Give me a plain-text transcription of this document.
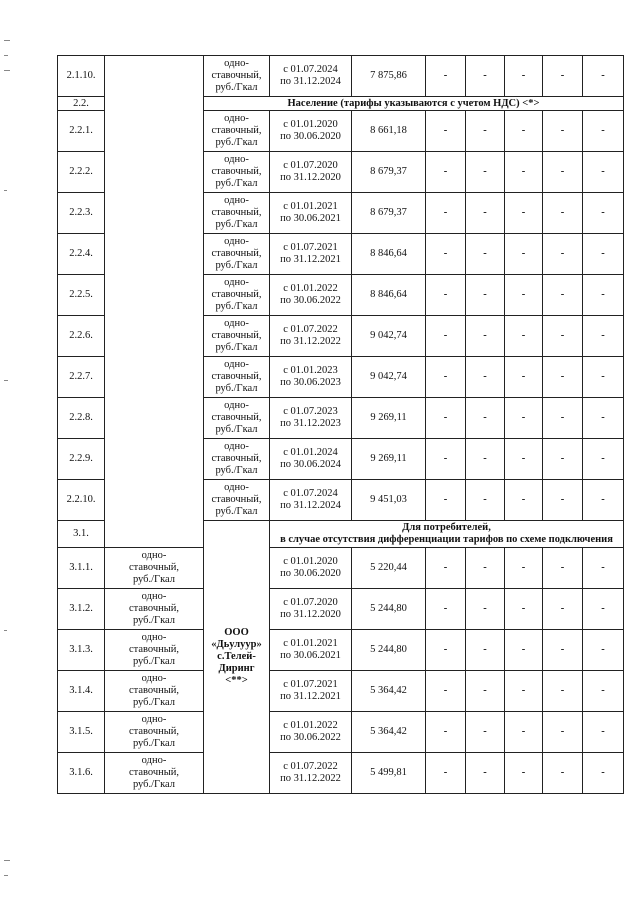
2.1.10.		одно-
ставочный,
руб./Гкал	с 01.07.2024
по 31.12.2024	7 875,86	-	-	-	-	-
2.2.		Население (тарифы указываются с учетом НДС) <*>							
2.2.1.		одно-
ставочный,
руб./Гкал	с 01.01.2020
по 30.06.2020	8 661,18	-	-	-	-	-
2.2.2.		одно-
ставочный,
руб./Гкал	с 01.07.2020
по 31.12.2020	8 679,37	-	-	-	-	-
2.2.3.		одно-
ставочный,
руб./Гкал	с 01.01.2021
по 30.06.2021	8 679,37	-	-	-	-	-
2.2.4.		одно-
ставочный,
руб./Гкал	с 01.07.2021
по 31.12.2021	8 846,64	-	-	-	-	-
2.2.5.		одно-
ставочный,
руб./Гкал	с 01.01.2022
по 30.06.2022	8 846,64	-	-	-	-	-
2.2.6.		одно-
ставочный,
руб./Гкал	с 01.07.2022
по 31.12.2022	9 042,74	-	-	-	-	-
2.2.7.		одно-
ставочный,
руб./Гкал	с 01.01.2023
по 30.06.2023	9 042,74	-	-	-	-	-
2.2.8.		одно-
ставочный,
руб./Гкал	с 01.07.2023
по 31.12.2023	9 269,11	-	-	-	-	-
2.2.9.		одно-
ставочный,
руб./Гкал	с 01.01.2024
по 30.06.2024	9 269,11	-	-	-	-	-
2.2.10.		одно-
ставочный,
руб./Гкал	с 01.07.2024
по 31.12.2024	9 451,03	-	-	-	-	-
3.1.		ООО
«Дьулуур»
с.Телей-Диринг
<**>	Для потребителей,
в случае отсутствия дифференциации тарифов по схеме подключения						
3.1.1.	одно-
ставочный,
руб./Гкал		с 01.01.2020
по 30.06.2020	5 220,44	-	-	-	-	-
3.1.2.	одно-
ставочный,
руб./Гкал		с 01.07.2020
по 31.12.2020	5 244,80	-	-	-	-	-
3.1.3.	одно-
ставочный,
руб./Гкал		с 01.01.2021
по 30.06.2021	5 244,80	-	-	-	-	-
3.1.4.	одно-
ставочный,
руб./Гкал		с 01.07.2021
по 31.12.2021	5 364,42	-	-	-	-	-
3.1.5.	одно-
ставочный,
руб./Гкал		с 01.01.2022
по 30.06.2022	5 364,42	-	-	-	-	-
3.1.6.	одно-
ставочный,
руб./Гкал		с 01.07.2022
по 31.12.2022	5 499,81	-	-	-	-	-
